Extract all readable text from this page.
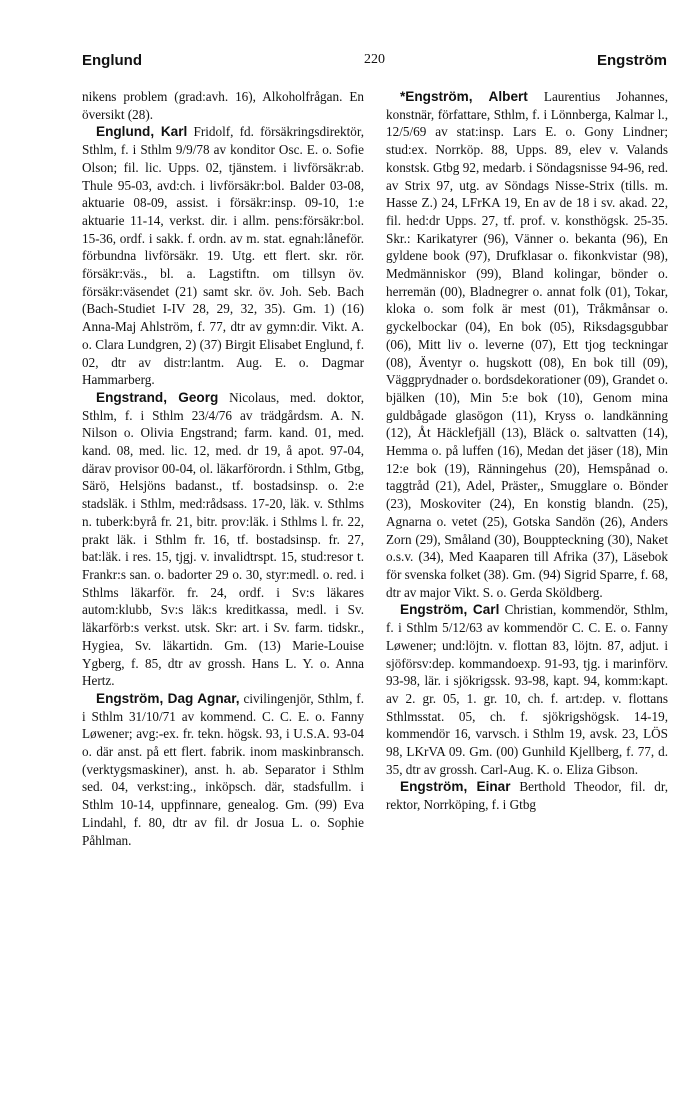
Englund	220	Engström

nikens problem (grad:avh. 16), Alkoholfrågan. En översikt (28).

Englund, Karl Fridolf, fd. försäkringsdirektör, Sthlm, f. i Sthlm 9/9/78 av konditor Osc. E. o. Sofie Olson; fil. lic. Upps. 02, tjänstem. i livförsäkr:ab. Thule 95-03, avd:ch. i livförsäkr:bol. Balder 03-08, aktuarie 08-09, assist. i försäkr:insp. 09-10, 1:e aktuarie 11-14, verkst. dir. i allm. pens:försäkr:bol. 15-36, ordf. i sakk. f. ordn. av m. stat. egnah:låneför. förbundna livförsäkr. 19. Utg. ett flert. skr. rör. försäkr:väs., bl. a. Lagstiftn. om tillsyn öv. försäkr:väsendet (21) samt skr. öv. Joh. Seb. Bach (Bach-Studiet I-IV 28, 29, 32, 35). Gm. 1) (16) Anna-Maj Ahlström, f. 77, dtr av gymn:dir. Vikt. A. o. Clara Lundgren, 2) (37) Birgit Elisabet Englund, f. 02, dtr av distr:lantm. Aug. E. o. Dagmar Hammarberg.

Engstrand, Georg Nicolaus, med. doktor, Sthlm, f. i Sthlm 23/4/76 av trädgårdsm. A. N. Nilson o. Olivia Engstrand; farm. kand. 01, med. kand. 08, med. lic. 12, med. dr 19, å apot. 97-04, därav provisor 00-04, ol. läkarförordn. i Sthlm, Gtbg, Särö, Helsjöns badanst., tf. bostadsinsp. o. 2:e stadsläk. i Sthlm, med:rådsass. 17-20, läk. v. Sthlms n. tuberk:byrå fr. 21, bitr. prov:läk. i Sthlms l. fr. 22, prakt läk. i Sthlm fr. 16, tf. bostadsinsp. fr. 27, bat:läk. i res. 15, tjgj. v. invalidtrspt. 15, stud:resor t. Frankr:s san. o. badorter 29 o. 30, styr:medl. o. red. i Sthlms läkarför. fr. 24, ordf. i Sv:s läkares autom:klubb, Sv:s läk:s kreditkassa, medl. i Sv. läkarförb:s verkst. utsk. Skr: art. i Sv. farm. tidskr., Hygiea, Sv. läkartidn. Gm. (13) Marie-Louise Ygberg, f. 85, dtr av grossh. Hans L. Y. o. Anna Hertz.

Engström, Dag Agnar, civilingenjör, Sthlm, f. i Sthlm 31/10/71 av kommend. C. C. E. o. Fanny Løwener; avg:-ex. fr. tekn. högsk. 93, i U.S.A. 93-04 o. där anst. på ett flert. fabrik. inom maskinbransch. (verktygsmaskiner), anst. h. ab. Separator i Sthlm sed. 04, verkst:ing., inköpsch. där, stadsfullm. i Sthlm 10-14, uppfinnare, genealog. Gm. (99) Eva Lindahl, f. 80, dtr av fil. dr Josua L. o. Sophie Påhlman.

*Engström, Albert Laurentius Johannes, konstnär, författare, Sthlm, f. i Lönnberga, Kalmar l., 12/5/69 av stat:insp. Lars E. o. Gony Lindner; stud:ex. Norrköp. 88, Upps. 89, elev v. Valands konstsk. Gtbg 92, medarb. i Söndagsnisse 94-96, red. av Strix 97, utg. av Söndags Nisse-Strix (tills. m. Hasse Z.) 24, LFrKA 19, En av de 18 i sv. akad. 22, fil. hed:dr Upps. 27, tf. prof. v. konsthögsk. 25-35. Skr.: Karikatyrer (96), Vänner o. bekanta (96), En gyldene book (97), Drufklasar o. fikonkvistar (98), Medmänniskor (99), Bland kolingar, bönder o. herremän (00), Bladnegrer o. annat folk (01), Tokar, kloka o. som folk är mest (01), Tråkmånsar o. gyckelbockar (04), En bok (05), Riksdagsgubbar (06), Mitt liv o. leverne (07), Ett tjog teckningar (08), Äventyr o. hugskott (08), En bok till (09), Väggprydnader o. bordsdekorationer (09), Grandet o. bjälken (10), Min 5:e bok (10), Genom mina guldbågade glasögon (11), Kryss o. landkänning (12), Åt Häcklefjäll (13), Bläck o. saltvatten (14), Hemma o. på luffen (16), Medan det jäser (18), Min 12:e bok (19), Ränningehus (20), Hemspånad o. taggtråd (21), Adel, Präster,, Smugglare o. Bönder (23), Moskoviter (24), En konstig blandn. (25), Agnarna o. vetet (25), Gotska Sandön (26), Anders Zorn (29), Småland (30), Bouppteckning (30), Naket o.s.v. (34), Med Kaaparen till Afrika (37), Läsebok för svenska folket (38). Gm. (94) Sigrid Sparre, f. 68, dtr av major Vikt. S. o. Gerda Sköldberg.

Engström, Carl Christian, kommendör, Sthlm, f. i Sthlm 5/12/63 av kommendör C. C. E. o. Fanny Løwener; und:löjtn. v. flottan 83, löjtn. 87, adjut. i sjöförsv:dep. kommandoexp. 91-93, tjg. i marinförv. 93-98, lär. i sjökrigssk. 93-98, kapt. 94, komm:kapt. av 2. gr. 05, 1. gr. 10, ch. f. art:dep. v. flottans Sthlmsstat. 05, ch. f. sjökrigshögsk. 14-19, kommendör 16, varvsch. i Sthlm 19, avsk. 23, LÖS 98, LKrVA 09. Gm. (00) Gunhild Kjellberg, f. 77, d. 35, dtr av grossh. Carl-Aug. K. o. Eliza Gibson.

Engström, Einar Berthold Theodor, fil. dr, rektor, Norrköping, f. i Gtbg
